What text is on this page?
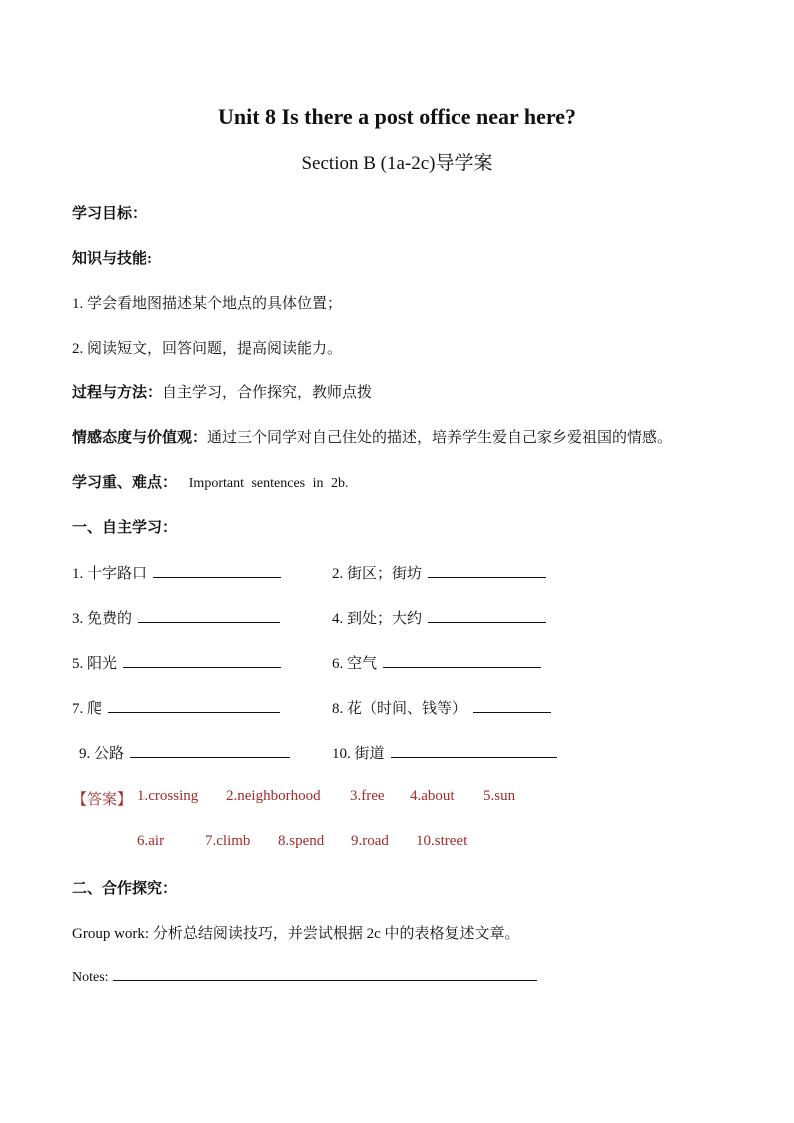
Unit 8 Is there a post office near here?
Section B (1a-2c)导学案
学习目标：
知识与技能:
1. 学会看地图描述某个地点的具体位置；
2. 阅读短文，回答问题，提高阅读能力。
过程与方法：自主学习，合作探究，教师点拨
情感态度与价值观：通过三个同学对自己住处的描述，培养学生爱自己家乡爱祖国的情感。
学习重、难点： Important sentences in 2b.
一、自主学习：
1. 十字路口	2. 街区；街坊
3. 免费的	4. 到处；大约
5. 阳光	6. 空气
7. 爬	8. 花（时间、钱等）
9. 公路	10. 街道
【答案】 1.crossing 2.neighborhood 3.free 4.about 5.sun
6.air	7.climb 8.spend 9.road 10.street
二、合作探究：
Group work: 分析总结阅读技巧，并尝试根据 2c 中的表格复述文章。
Notes:
